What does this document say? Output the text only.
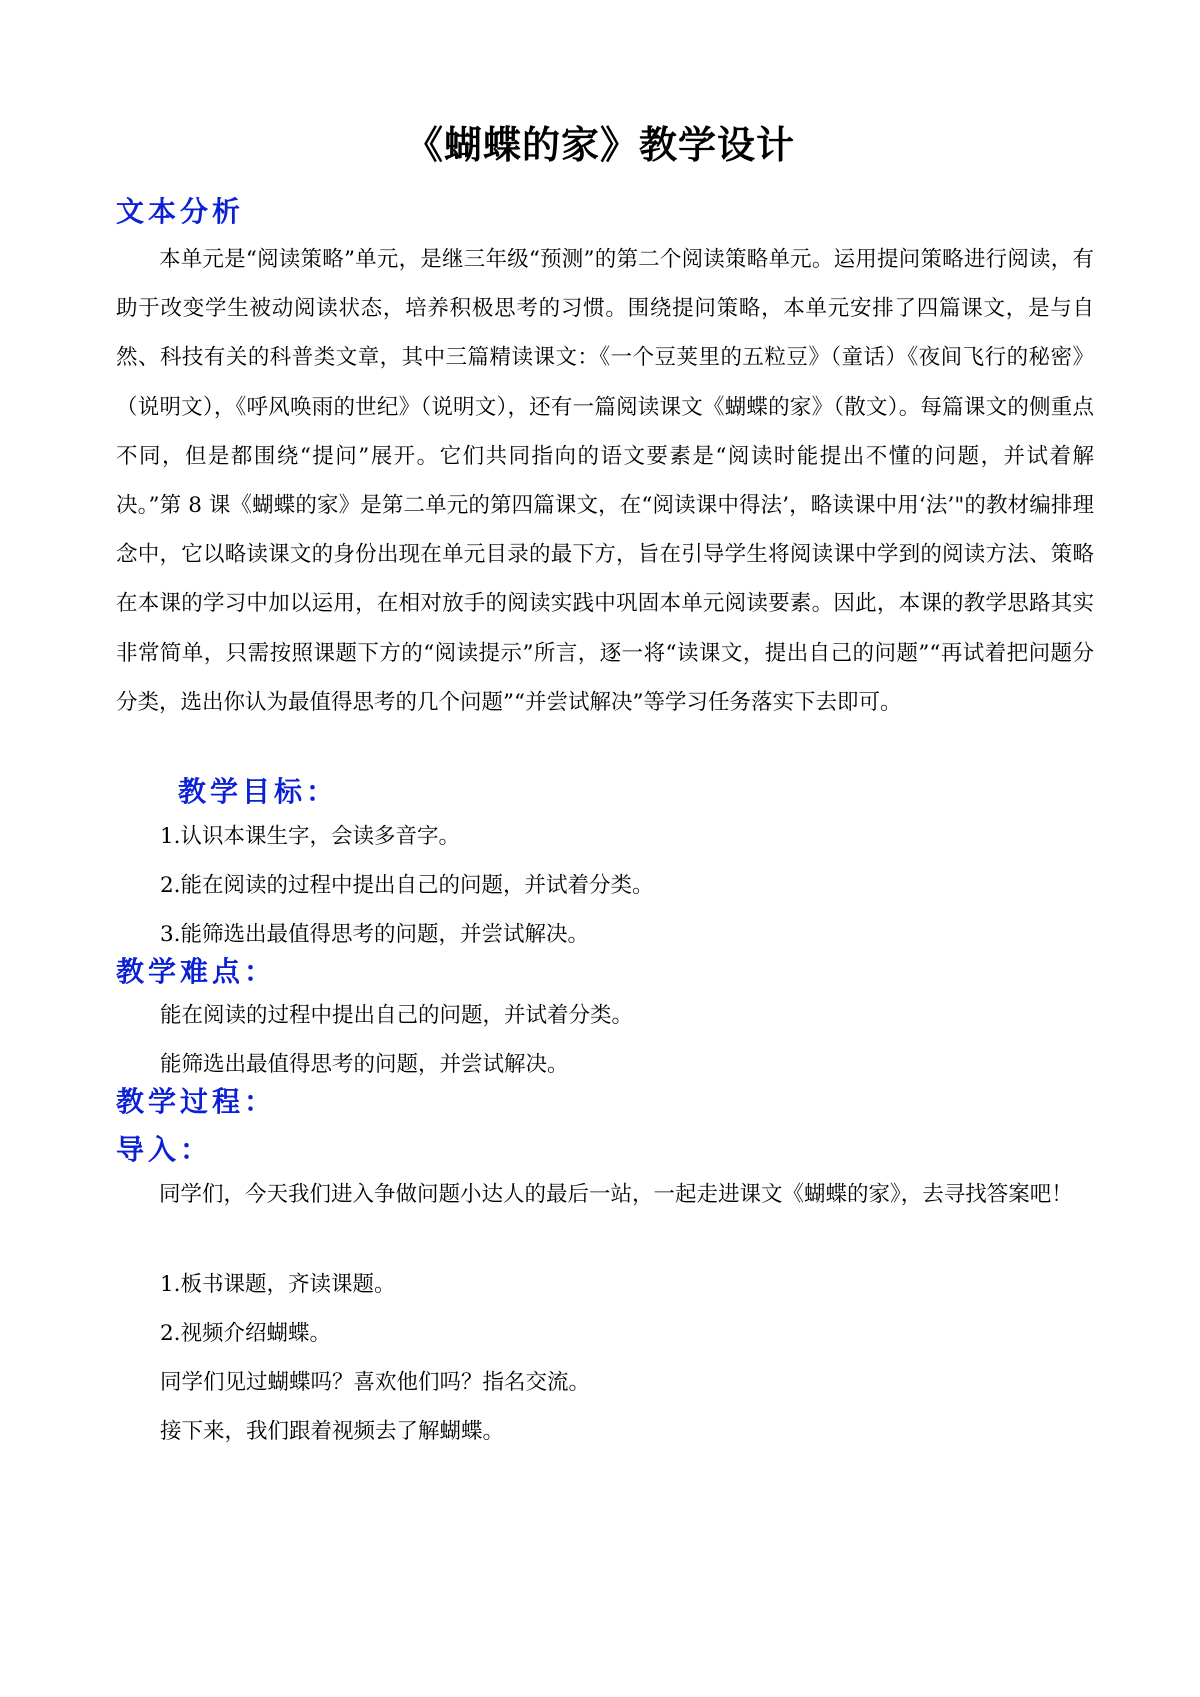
《蝴蝶的家》教学设计
文本分析

本单元是“阅读策略”单元，是继三年级“预测”的第二个阅读策略单元。运用提问策略进行阅读，有助于改变学生被动阅读状态，培养积极思考的习惯。围绕提问策略，本单元安排了四篇课文，是与自然、科技有关的科普类文章，其中三篇精读课文：《一个豆荚里的五粒豆》（童话）《夜间飞行的秘密》（说明文），《呼风唤雨的世纪》（说明文），还有一篇阅读课文《蝴蝶的家》（散文）。每篇课文的侧重点不同，但是都围绕“提问”展开。它们共同指向的语文要素是“阅读时能提出不懂的问题，并试着解决。”第 8 课《蝴蝶的家》是第二单元的第四篇课文，在“阅读课中得法’，略读课中用‘法’"的教材编排理念中，它以略读课文的身份出现在单元目录的最下方，旨在引导学生将阅读课中学到的阅读方法、策略在本课的学习中加以运用，在相对放手的阅读实践中巩固本单元阅读要素。因此，本课的教学思路其实非常简单，只需按照课题下方的“阅读提示”所言，逐一将“读课文，提出自己的问题”“再试着把问题分分类，选出你认为最值得思考的几个问题”“并尝试解决”等学习任务落实下去即可。

教学目标：

1.认识本课生字，会读多音字。

2.能在阅读的过程中提出自己的问题，并试着分类。

3.能筛选出最值得思考的问题，并尝试解决。

教学难点：

能在阅读的过程中提出自己的问题，并试着分类。

能筛选出最值得思考的问题，并尝试解决。

教学过程：
导入：

同学们，今天我们进入争做问题小达人的最后一站，一起走进课文《蝴蝶的家》，去寻找答案吧！

1.板书课题，齐读课题。

2.视频介绍蝴蝶。

同学们见过蝴蝶吗？喜欢他们吗？指名交流。

接下来，我们跟着视频去了解蝴蝶。
